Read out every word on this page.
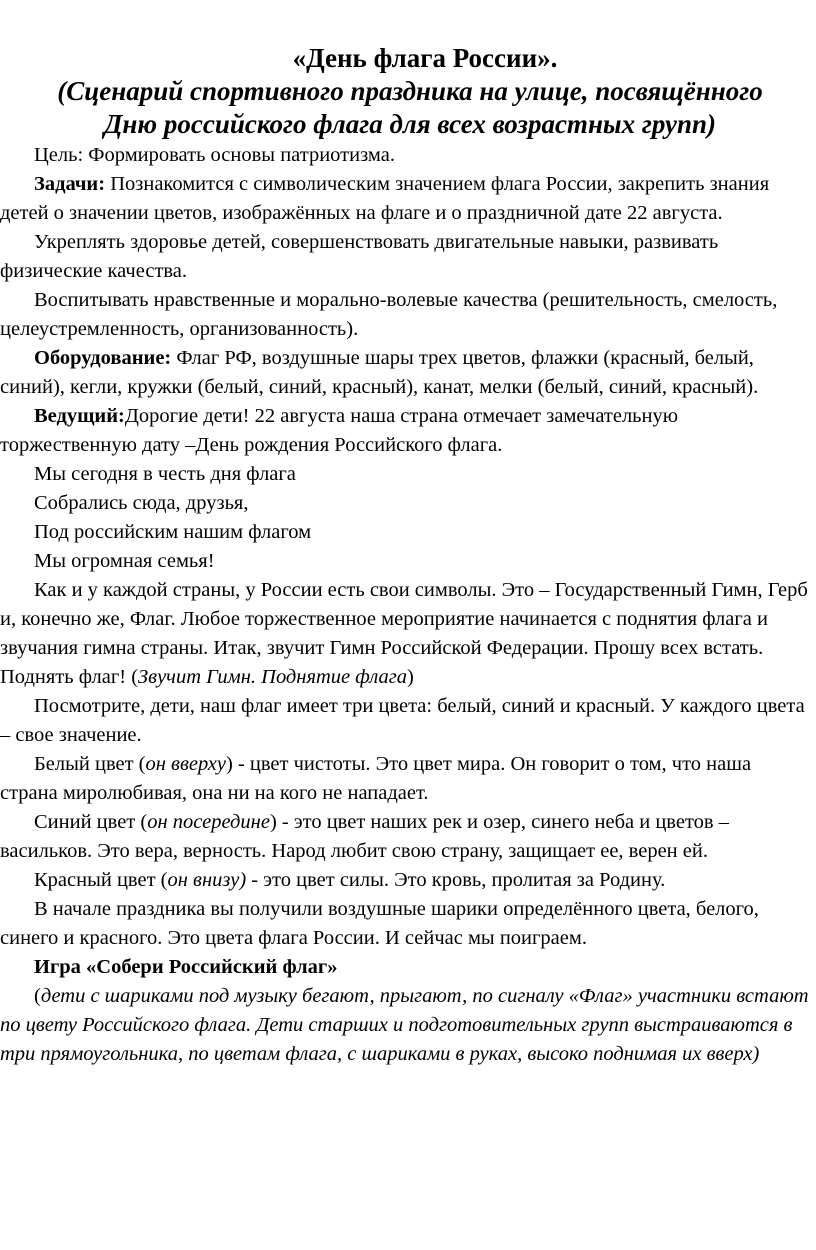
«День флага России».
(Сценарий спортивного праздника на улице, посвящённого Дню российского флага для всех возрастных групп)

Цель: Формировать основы патриотизма.

Задачи: Познакомится с символическим значением флага России, закрепить знания детей о значении цветов, изображённых на флаге и о праздничной дате 22 августа.

Укреплять здоровье детей, совершенствовать двигательные навыки, развивать физические качества.

Воспитывать нравственные и морально-волевые качества (решительность, смелость, целеустремленность, организованность).

Оборудование: Флаг РФ, воздушные шары трех цветов, флажки (красный, белый, синий), кегли, кружки (белый, синий, красный), канат, мелки (белый, синий, красный).

Ведущий:Дорогие дети! 22 августа наша страна отмечает замечательную торжественную дату –День рождения Российского флага.

Мы сегодня в честь дня флага

Собрались сюда, друзья,

Под российским нашим флагом

Мы огромная семья!

Как и у каждой страны, у России есть свои символы. Это – Государственный Гимн, Герб и, конечно же, Флаг. Любое торжественное мероприятие начинается с поднятия флага и звучания гимна страны. Итак, звучит Гимн Российской Федерации. Прошу всех встать.

Поднять флаг! (Звучит Гимн. Поднятие флага)

Посмотрите, дети, наш флаг имеет три цвета: белый, синий и красный. У каждого цвета – свое значение.

Белый цвет (он вверху) - цвет чистоты. Это цвет мира. Он говорит о том, что наша страна миролюбивая, она ни на кого не нападает.

Синий цвет (он посередине) - это цвет наших рек и озер, синего неба и цветов – васильков. Это вера, верность. Народ любит свою страну, защищает ее, верен ей.

Красный цвет (он внизу) - это цвет силы. Это кровь, пролитая за Родину.

В начале праздника вы получили воздушные шарики определённого цвета, белого, синего и красного. Это цвета флага России. И сейчас мы поиграем.

Игра «Собери Российский флаг»

(дети с шариками под музыку бегают, прыгают, по сигналу «Флаг» участники встают по цвету Российского флага. Дети старших и подготовительных групп выстраиваются в три прямоугольника, по цветам флага, с шариками в руках, высоко поднимая их вверх)
